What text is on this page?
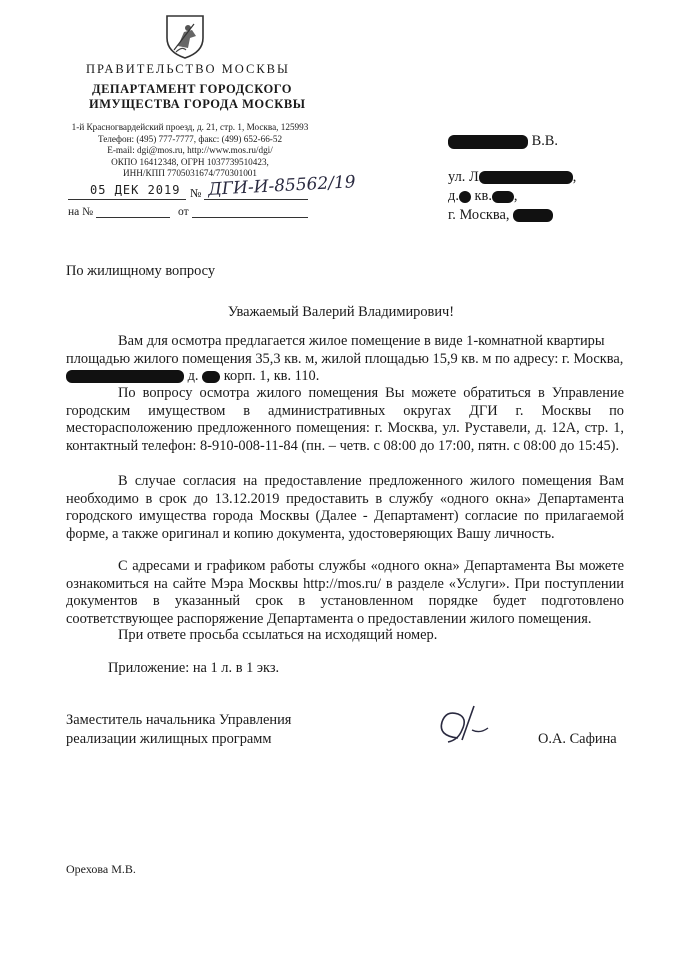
ПРАВИТЕЛЬСТВО МОСКВЫ
ДЕПАРТАМЕНТ ГОРОДСКОГО
ИМУЩЕСТВА ГОРОДА МОСКВЫ
1-й Красногвардейский проезд, д. 21, стр. 1, Москва, 125993
Телефон: (495) 777-7777, факс: (499) 652-66-52
E-mail: dgi@mos.ru, http://www.mos.ru/dgi/
ОКПО 16412348, ОГРН 1037739510423,
ИНН/КПП 7705031674/770301001
05 ДЕК 2019 № ДГИ-И-85562/19
на №	от
В.В.
ул. Л	,
д. кв. ,
г. Москва,
По жилищному вопросу
Уважаемый Валерий Владимирович!
Вам для осмотра предлагается жилое помещение в виде 1-комнатной квартиры
площадью жилого помещения 35,3 кв. м, жилой площадью 15,9 кв. м по адресу: г. Москва,
д. корп. 1, кв. 110.
По вопросу осмотра жилого помещения Вы можете обратиться в Управление городским имуществом в административных округах ДГИ г. Москвы по месторасположению предложенного помещения: г. Москва, ул. Руставели, д. 12А, стр. 1, контактный телефон: 8-910-008-11-84 (пн. – четв. с 08:00 до 17:00, пятн. с 08:00 до 15:45).
В случае согласия на предоставление предложенного жилого помещения Вам необходимо в срок до 13.12.2019 предоставить в службу «одного окна» Департамента городского имущества города Москвы (Далее - Департамент) согласие по прилагаемой форме, а также оригинал и копию документа, удостоверяющих Вашу личность.
С адресами и графиком работы службы «одного окна» Департамента Вы можете ознакомиться на сайте Мэра Москвы http://mos.ru/ в разделе «Услуги». При поступлении документов в указанный срок в установленном порядке будет подготовлено соответствующее распоряжение Департамента о предоставлении жилого помещения.
При ответе просьба ссылаться на исходящий номер.
Приложение: на 1 л. в 1 экз.
Заместитель начальника Управления
реализации жилищных программ	О.А. Сафина
Орехова М.В.
